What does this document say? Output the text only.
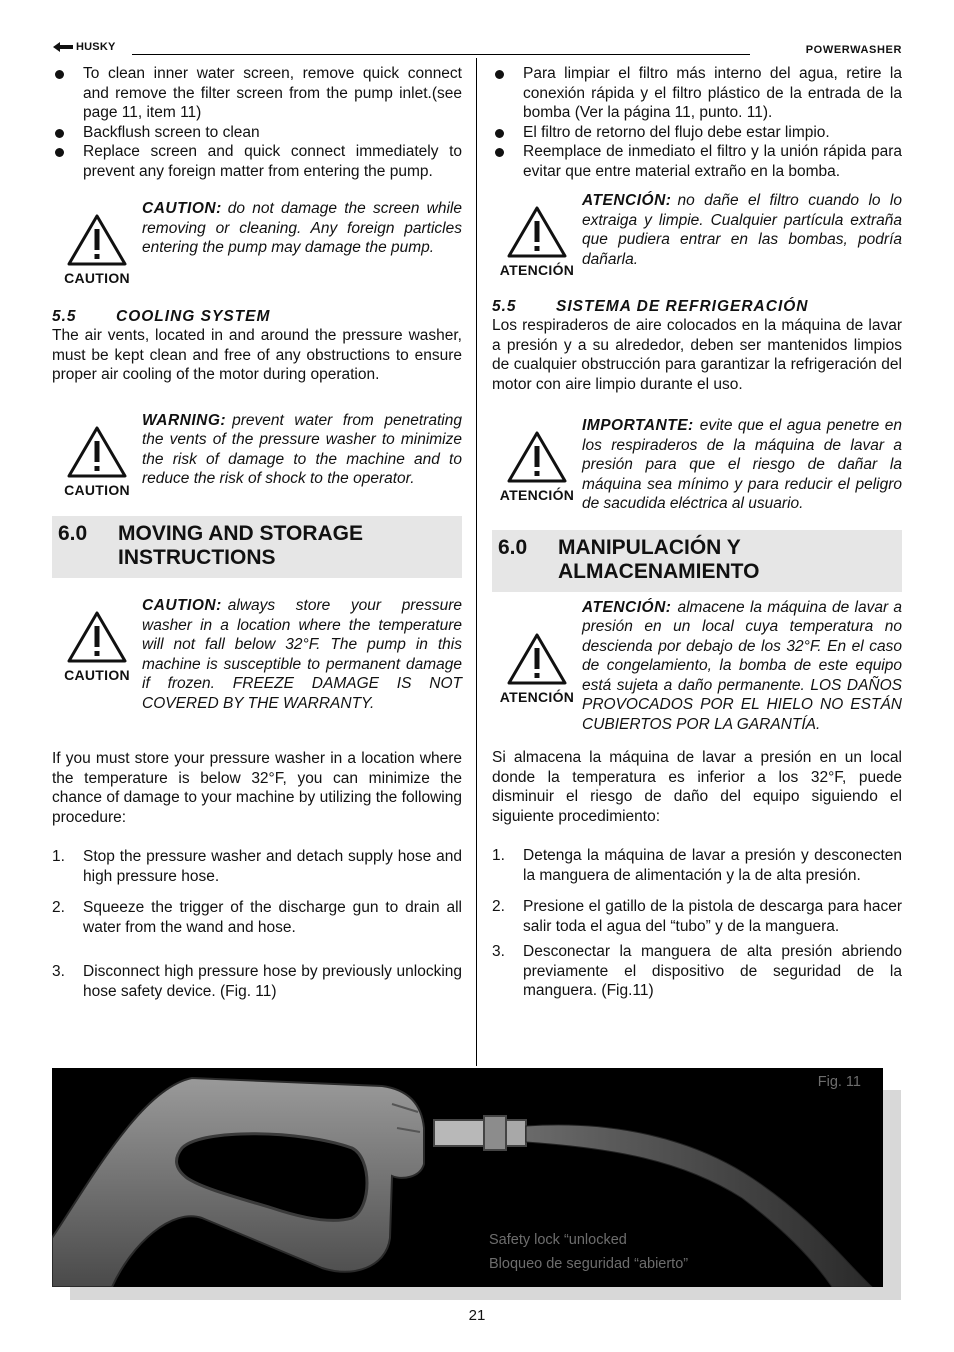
HUSKY	POWERWASHER
To clean inner water screen, remove quick connect and remove the filter screen from the pump inlet.(see page 11, item 11)
Backflush screen to clean
Replace screen and quick connect immediately to prevent any foreign matter from entering the pump.
CAUTION
CAUTION: do not damage the screen while removing or cleaning. Any foreign particles entering the pump may damage the pump.
5.5	COOLING SYSTEM

The air vents, located in and around the pressure washer, must be kept clean and free of any obstructions to ensure proper air cooling of the motor during operation.

CAUTION
WARNING: prevent water from penetrating the vents of the pressure washer to minimize the risk of damage to the machine and to reduce the risk of shock to the operator.
6.0	MOVING AND STORAGE INSTRUCTIONS
CAUTION
CAUTION: always store your pressure washer in a location where the temperature will not fall below 32°F. The pump in this machine is susceptible to permanent damage if frozen. FREEZE DAMAGE IS NOT COVERED BY THE WARRANTY.

If you must store your pressure washer in a location where the temperature is below 32°F, you can minimize the chance of damage to your machine by utilizing the following procedure:

1. Stop the pressure washer and detach supply hose and high pressure hose.
2. Squeeze the trigger of the discharge gun to drain all water from the wand and hose.
3. Disconnect high pressure hose by previously unlocking hose safety device. (Fig. 11)
Para limpiar el filtro más interno del agua, retire la conexión rápida y el filtro plástico de la entrada de la bomba (Ver la página 11, punto. 11).
El filtro de retorno del flujo debe estar limpio.
Reemplace de inmediato el filtro y la unión rápida para evitar que entre material extraño en la bomba.
ATENCIÓN
ATENCIÓN: no dañe el filtro cuando lo lo extraiga y limpie. Cualquier partícula extraña que pudiera entrar en las bombas, podría dañarla.
5.5	SISTEMA DE REFRIGERACIÓN

Los respiraderos de aire colocados en la máquina de lavar a presión y a su alrededor, deben ser mantenidos limpios de cualquier obstrucción para garantizar la refrigeración del motor con aire limpio durante el uso.

ATENCIÓN
IMPORTANTE: evite que el agua penetre en los respiraderos de la máquina de lavar a presión para que el riesgo de dañar la máquina sea mínimo y para reducir el peligro de sacudida eléctrica al usuario.
6.0	MANIPULACIÓN Y ALMACENAMIENTO
ATENCIÓN
ATENCIÓN: almacene la máquina de lavar a presión en un local cuya temperatura no descienda por debajo de los 32°F. En el caso de congelamiento, la bomba de este equipo está sujeta a daño permanente. LOS DAÑOS PROVOCADOS POR EL HIELO NO ESTÁN CUBIERTOS POR LA GARANTÍA.

Si almacena la máquina de lavar a presión en un local donde la temperatura es inferior a los 32°F, puede disminuir el riesgo de daño del equipo siguiendo el siguiente procedimiento:

1. Detenga la máquina de lavar a presión y desconecten la manguera de alimentación y la de alta presión.
2. Presione el gatillo de la pistola de descarga para hacer salir toda el agua del “tubo” y de la manguera.
3. Desconectar la manguera de alta presión abriendo previamente el dispositivo de seguridad de la manguera. (Fig.11)
Fig. 11
Safety lock “unlocked
Bloqueo de seguridad “abierto”
21
